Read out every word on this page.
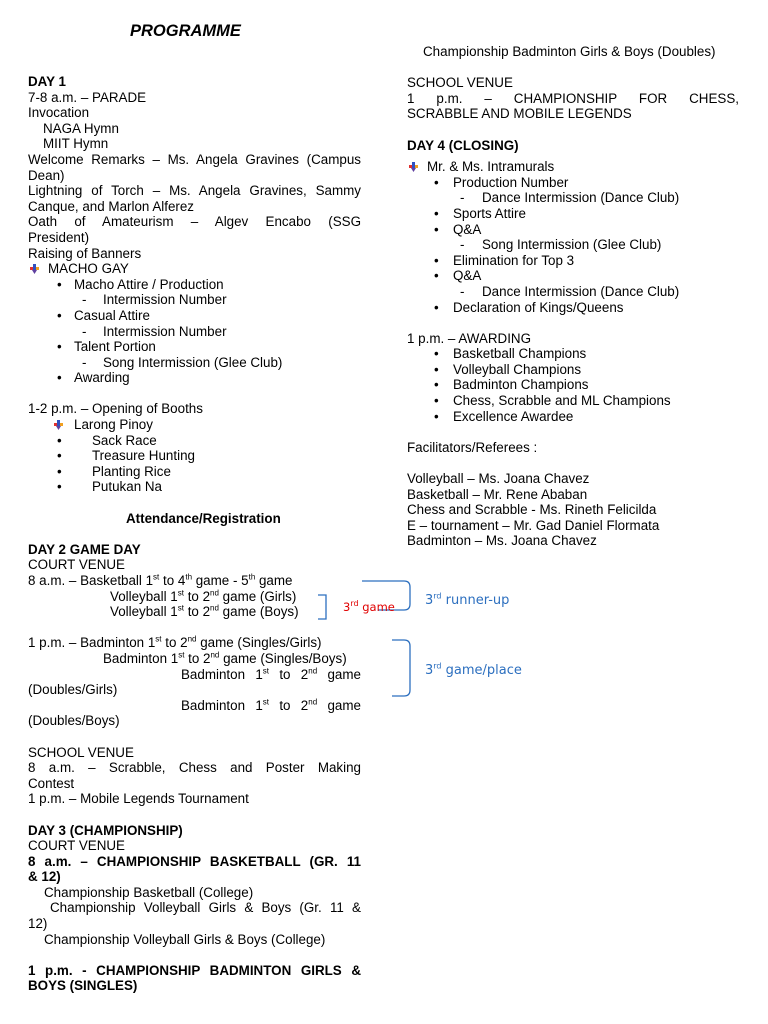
PROGRAMME
DAY 1
7-8 a.m. – PARADE
Invocation
NAGA Hymn
MIIT Hymn
Welcome Remarks – Ms. Angela Gravines (Campus
Dean)
Lightning of Torch – Ms. Angela Gravines, Sammy
Canque, and Marlon Alferez
Oath of Amateurism – Algev Encabo (SSG
President)
Raising of Banners
MACHO GAY
• Macho Attire / Production
- Intermission Number
• Casual Attire
- Intermission Number
• Talent Portion
- Song Intermission (Glee Club)
• Awarding
1-2 p.m. – Opening of Booths
Larong Pinoy
• Sack Race
• Treasure Hunting
• Planting Rice
• Putukan Na
Attendance/Registration
DAY 2 GAME DAY
COURT VENUE
8 a.m. – Basketball 1st to 4th game - 5th game
Volleyball 1st to 2nd game (Girls)
Volleyball 1st to 2nd game (Boys)
1 p.m. – Badminton 1st to 2nd game (Singles/Girls)
Badminton 1st to 2nd game (Singles/Boys)
Badminton 1st to 2nd game
(Doubles/Girls)
Badminton 1st to 2nd game
(Doubles/Boys)
SCHOOL VENUE
8 a.m. – Scrabble, Chess and Poster Making
Contest
1 p.m. – Mobile Legends Tournament
DAY 3 (CHAMPIONSHIP)
COURT VENUE
8 a.m. – CHAMPIONSHIP BASKETBALL (GR. 11
& 12)
Championship Basketball (College)
Championship Volleyball Girls & Boys (Gr. 11 &
12)
Championship Volleyball Girls & Boys (College)
1 p.m. - CHAMPIONSHIP BADMINTON GIRLS &
BOYS (SINGLES)
Championship Badminton Girls & Boys (Doubles)
SCHOOL VENUE
1 p.m. – CHAMPIONSHIP FOR CHESS,
SCRABBLE AND MOBILE LEGENDS
DAY 4 (CLOSING)
Mr. & Ms. Intramurals
• Production Number
- Dance Intermission (Dance Club)
• Sports Attire
• Q&A
- Song Intermission (Glee Club)
• Elimination for Top 3
• Q&A
- Dance Intermission (Dance Club)
• Declaration of Kings/Queens
1 p.m. – AWARDING
• Basketball Champions
• Volleyball Champions
• Badminton Champions
• Chess, Scrabble and ML Champions
• Excellence Awardee
Facilitators/Referees :
Volleyball – Ms. Joana Chavez
Basketball – Mr. Rene Ababan
Chess and Scrabble - Ms. Rineth Felicilda
E – tournament – Mr. Gad Daniel Flormata
Badminton – Ms. Joana Chavez
3rd game 3rd runner-up
3rd game/place
